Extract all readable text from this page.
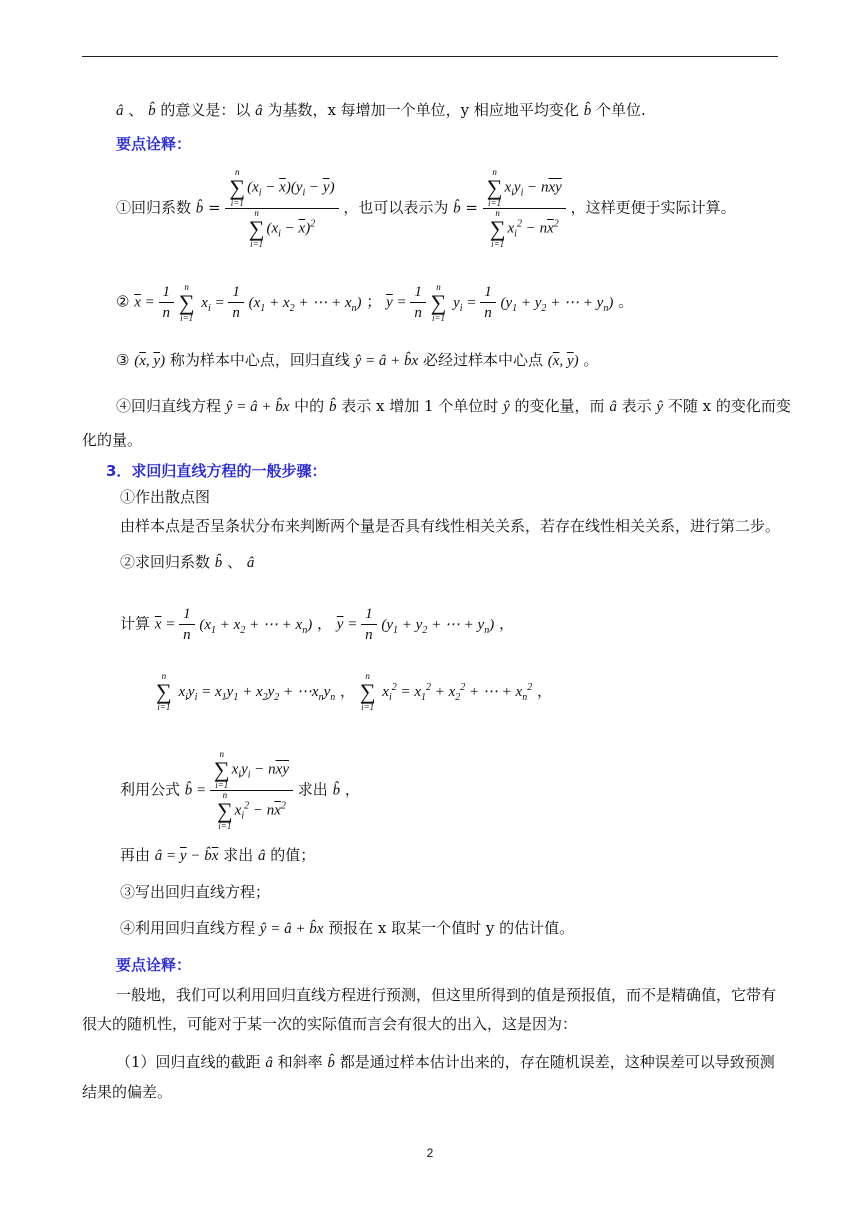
â 、 b̂ 的意义是：以 â 为基数，x 每增加一个单位，y 相应地平均变化 b̂ 个单位.
要点诠释：
①回归系数 b̂ = n
∑
i=1
$(x_i - \overline{x})(y_i - \overline{y})$
n
∑
i=1
$(x_i - \overline{x})^2$ ，也可以表示为 b̂ = n
∑
i=1
$x_iy_i - n\overline{x}\overline{y}$
n
∑
i=1
$x_i^2 - n\overline{x}^2$ ，这样更便于实际计算。
② $\overline{x} = \frac{1}{n}$
	n
∑
i=1
$x_i = \frac{1}{n} (x_1 + x_2$ + ⋯ + $x_n$) ； $\overline{y} = \frac{1}{n}$
	n
∑
i=1
$y_i = \frac{1}{n} (y_1 + y_2$ + ⋯ + $y_n$) 。
③ ($\overline{x}$, $\overline{y}$) 称为样本中心点，回归直线 ŷ = â + b̂x 必经过样本中心点 ($\overline{x}$, $\overline{y}$) 。
④回归直线方程 ŷ = â + b̂x 中的 b̂ 表示 x 增加 1 个单位时 ŷ 的变化量，而 â 表示 ŷ 不随 x 的变化而变
化的量。
3．求回归直线方程的一般步骤：
①作出散点图
由样本点是否呈条状分布来判断两个量是否具有线性相关关系，若存在线性相关关系，进行第二步。
②求回归系数 b̂ 、 â
计算 $\overline{x} = \frac{1}{n} (x_1 + x_2$ + ⋯ + $x_n$) ， $\overline{y} = \frac{1}{n} (y_1 + y_2$ + ⋯ + $y_n$) ，
n
∑
i=1
$x_iy_i = x_1y_1 + x_2y_2$ + $\cdots x_ny_n$ ，
n
∑
i=1
$x_i^2 = x_1^2 + x_2^2$ + ⋯ + $x_n^2$ ，
利用公式 b̂ = n
∑
i=1
$x_iy_i - n\overline{x}\overline{y}$
n
∑
i=1
$x_i^2 - n\overline{x}^2$ 求出 b̂ ，
再由 â = $\overline{y}$ − $b̂\overline{x}$ 求出 â 的值；
③写出回归直线方程；
④利用回归直线方程 ŷ = â + b̂x 预报在 x 取某一个值时 y 的估计值。
要点诠释：
一般地，我们可以利用回归直线方程进行预测，但这里所得到的值是预报值，而不是精确值，它带有
很大的随机性，可能对于某一次的实际值而言会有很大的出入，这是因为：
（1）回归直线的截距 â 和斜率 b̂ 都是通过样本估计出来的，存在随机误差，这种误差可以导致预测
结果的偏差。
2
